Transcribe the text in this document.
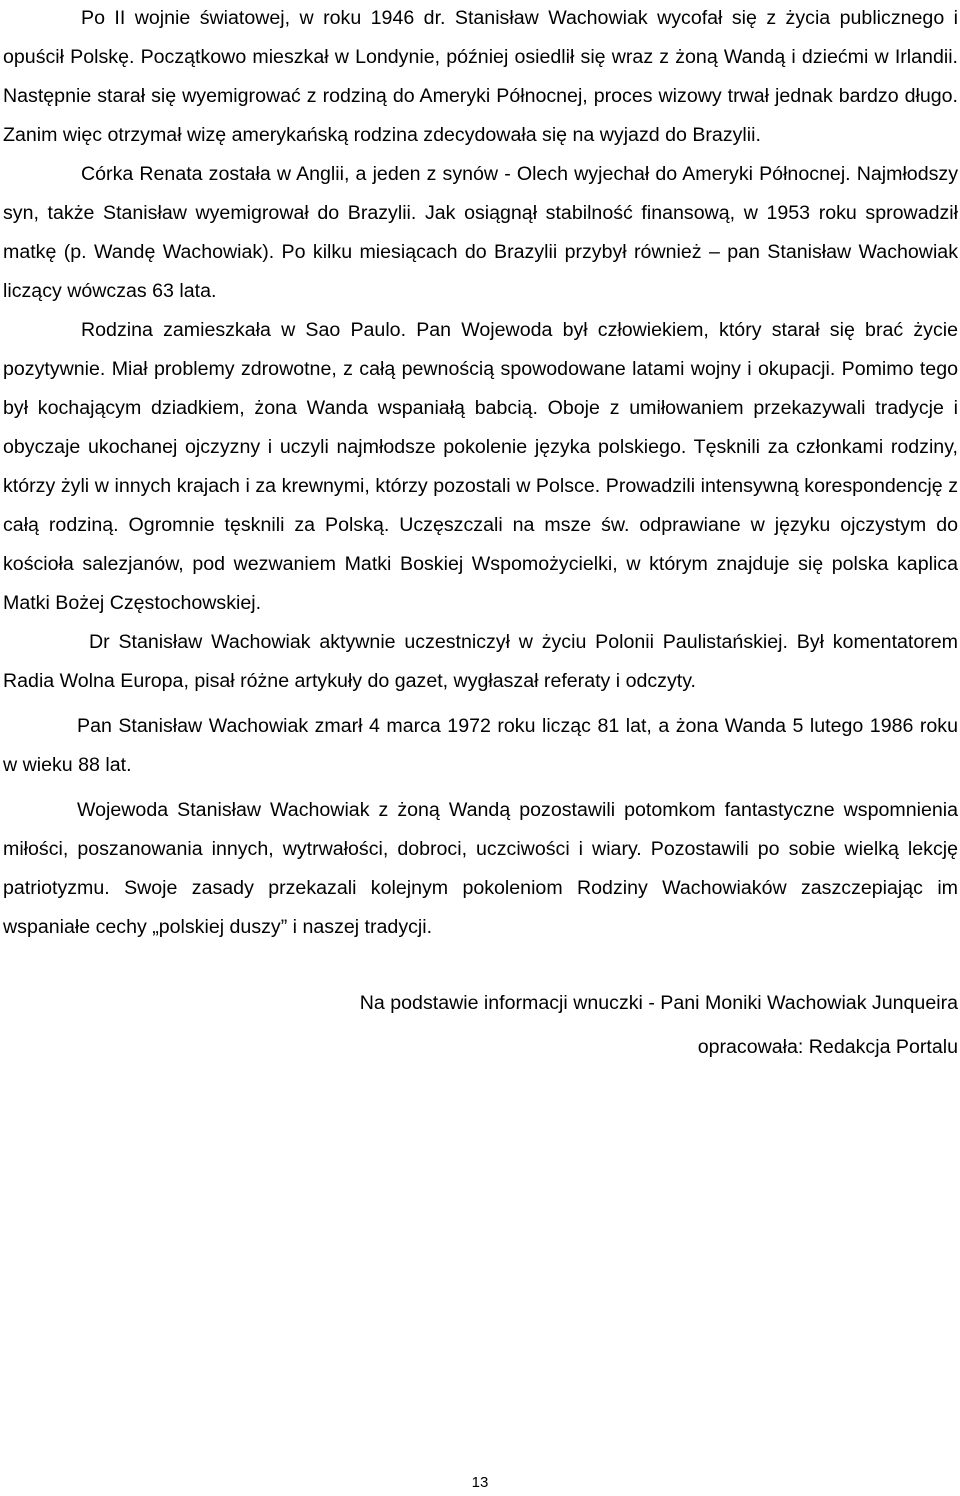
Po II wojnie światowej, w roku 1946 dr. Stanisław Wachowiak wycofał się z życia publicznego i opuścił Polskę. Początkowo mieszkał w Londynie, później osiedlił się wraz z żoną Wandą i dziećmi w Irlandii. Następnie starał się wyemigrować z rodziną do Ameryki Północnej, proces wizowy trwał jednak bardzo długo. Zanim więc otrzymał wizę amerykańską rodzina zdecydowała się na wyjazd do Brazylii.

Córka Renata została w Anglii, a jeden z synów - Olech wyjechał do Ameryki Północnej. Najmłodszy syn, także Stanisław wyemigrował do Brazylii. Jak osiągnął stabilność finansową, w 1953 roku sprowadził matkę (p. Wandę Wachowiak). Po kilku miesiącach do Brazylii przybył również – pan Stanisław Wachowiak liczący wówczas 63 lata.

Rodzina zamieszkała w Sao Paulo. Pan Wojewoda był człowiekiem, który starał się brać życie pozytywnie. Miał problemy zdrowotne, z całą pewnością spowodowane latami wojny i okupacji. Pomimo tego był kochającym dziadkiem, żona Wanda wspaniałą babcią. Oboje z umiłowaniem przekazywali tradycje i obyczaje ukochanej ojczyzny i uczyli najmłodsze pokolenie języka polskiego. Tęsknili za członkami rodziny, którzy żyli w innych krajach i za krewnymi, którzy pozostali w Polsce. Prowadzili intensywną korespondencję z całą rodziną. Ogromnie tęsknili za Polską. Uczęszczali na msze św. odprawiane w języku ojczystym do kościoła salezjanów, pod wezwaniem Matki Boskiej Wspomożycielki, w którym znajduje się polska kaplica Matki Bożej Częstochowskiej.

Dr Stanisław Wachowiak aktywnie uczestniczył w życiu Polonii Paulistańskiej. Był komentatorem Radia Wolna Europa, pisał różne artykuły do gazet, wygłaszał referaty i odczyty.

Pan Stanisław Wachowiak zmarł 4 marca 1972 roku licząc 81 lat, a żona Wanda 5 lutego 1986 roku w wieku 88 lat.

Wojewoda Stanisław Wachowiak z żoną Wandą pozostawili potomkom fantastyczne wspomnienia miłości, poszanowania innych, wytrwałości, dobroci, uczciwości i wiary. Pozostawili po sobie wielką lekcję patriotyzmu. Swoje zasady przekazali kolejnym pokoleniom Rodziny Wachowiaków zaszczepiając im wspaniałe cechy „polskiej duszy” i naszej tradycji.

Na podstawie informacji wnuczki - Pani Moniki Wachowiak Junqueira

opracowała: Redakcja Portalu

13
